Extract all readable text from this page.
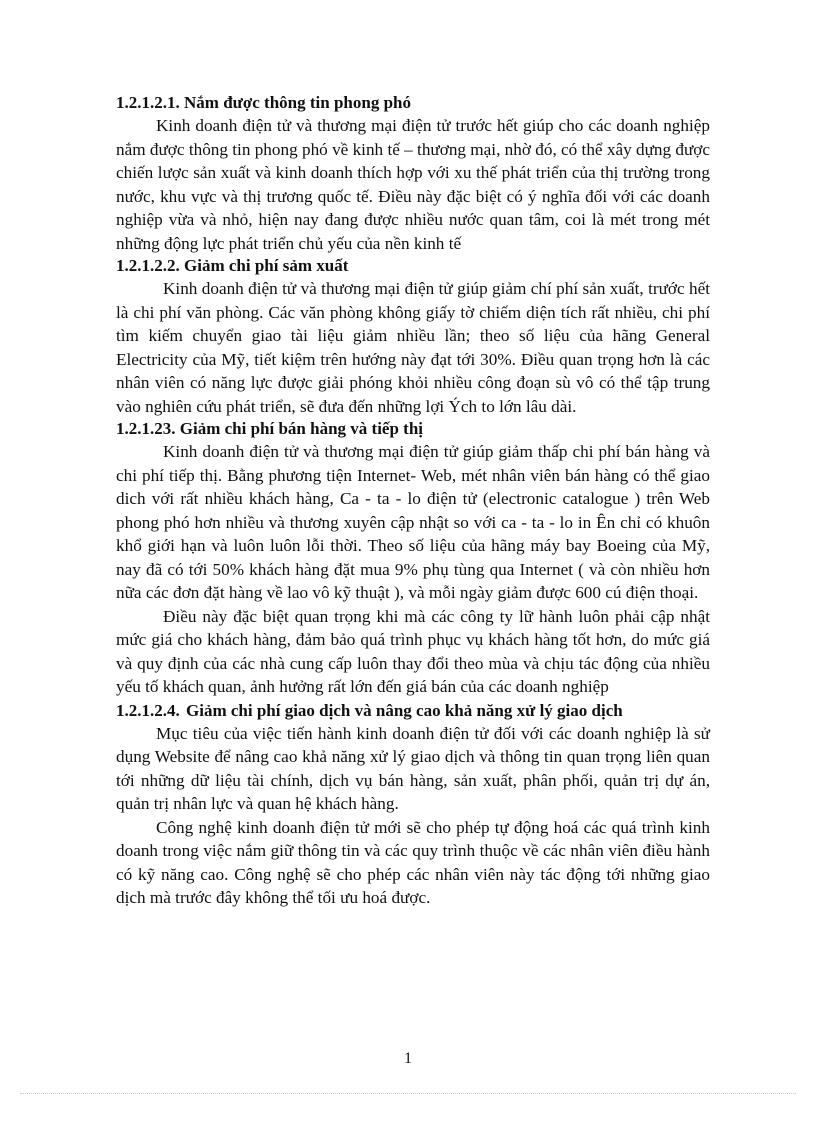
1.2.1.2.1. Nắm được thông tin phong phó

Kinh doanh điện tử và thương mại điện tử trước hết giúp cho các doanh nghiệp nắm được thông tin phong phó về kinh tế – thương mại, nhờ đó, có thể xây dựng được chiến lược sản xuất và kinh doanh thích hợp với xu thế phát triển của thị trường trong nước, khu vực và thị trương quốc tế. Điều này đặc biệt có ý nghĩa đối với các doanh nghiệp vừa và nhỏ, hiện nay đang được nhiều nước quan tâm, coi là mét trong mét những động lực phát triển chủ yếu của nền kinh tế

1.2.1.2.2. Giảm chi phí sảm xuất

Kinh doanh điện tử và thương mại điện tử giúp giảm chí phí sản xuất, trước hết là chi phí văn phòng. Các văn phòng không giấy tờ chiếm diện tích rất nhiều, chi phí tìm kiếm chuyển giao tài liệu giảm nhiều lần; theo số liệu của hãng General Electricity của Mỹ, tiết kiệm trên hướng này đạt tới 30%. Điều quan trọng hơn là các nhân viên có năng lực được giải phóng khỏi nhiều công đoạn sù vô có thể tập trung vào nghiên cứu phát triển, sẽ đưa đến những lợi Ých to lớn lâu dài.

1.2.1.23. Giảm chi phí bán hàng và tiếp thị

Kinh doanh điện tử và thương mại điện tử giúp giảm thấp chi phí bán hàng và chi phí tiếp thị. Bằng phương tiện Internet- Web, mét nhân viên bán hàng có thể giao dich với rất nhiều khách hàng, Ca - ta - lo điện tử (electronic catalogue ) trên Web phong phó hơn nhiều và thương xuyên cập nhật so với ca - ta - lo in Ên chỉ có khuôn khổ giới hạn và luôn luôn lỗi thời. Theo số liệu của hãng máy bay Boeing của Mỹ, nay đã có tới 50% khách hàng đặt mua 9% phụ tùng qua Internet ( và còn nhiều hơn nữa các đơn đặt hàng về lao vô kỹ thuật ), và mỗi ngày giảm được 600 cú điện thoại.

Điều này đặc biệt quan trọng khi mà các công ty lữ hành luôn phải cập nhật mức giá cho khách hàng, đảm bảo quá trình phục vụ khách hàng tốt hơn, do mức giá và quy định của các nhà cung cấp luôn thay đổi theo mùa và chịu tác động của nhiều yếu tố khách quan, ảnh hưởng rất lớn đến giá bán của các doanh nghiệp

1.2.1.2.4. Giảm chi phí giao dịch và nâng cao khả năng xử lý giao dịch

Mục tiêu của việc tiến hành kinh doanh điện tử đối với các doanh nghiệp là sử dụng Website để nâng cao khả năng xử lý giao dịch và thông tin quan trọng liên quan tới những dữ liệu tài chính, dịch vụ bán hàng, sản xuất, phân phối, quản trị dự án, quản trị nhân lực và quan hệ khách hàng.

Công nghệ kinh doanh điện tử mới sẽ cho phép tự động hoá các quá trình kinh doanh trong việc nắm giữ thông tin và các quy trình thuộc về các nhân viên điều hành có kỹ năng cao. Công nghệ sẽ cho phép các nhân viên này tác động tới những giao dịch mà trước đây không thể tối ưu hoá được.

1
